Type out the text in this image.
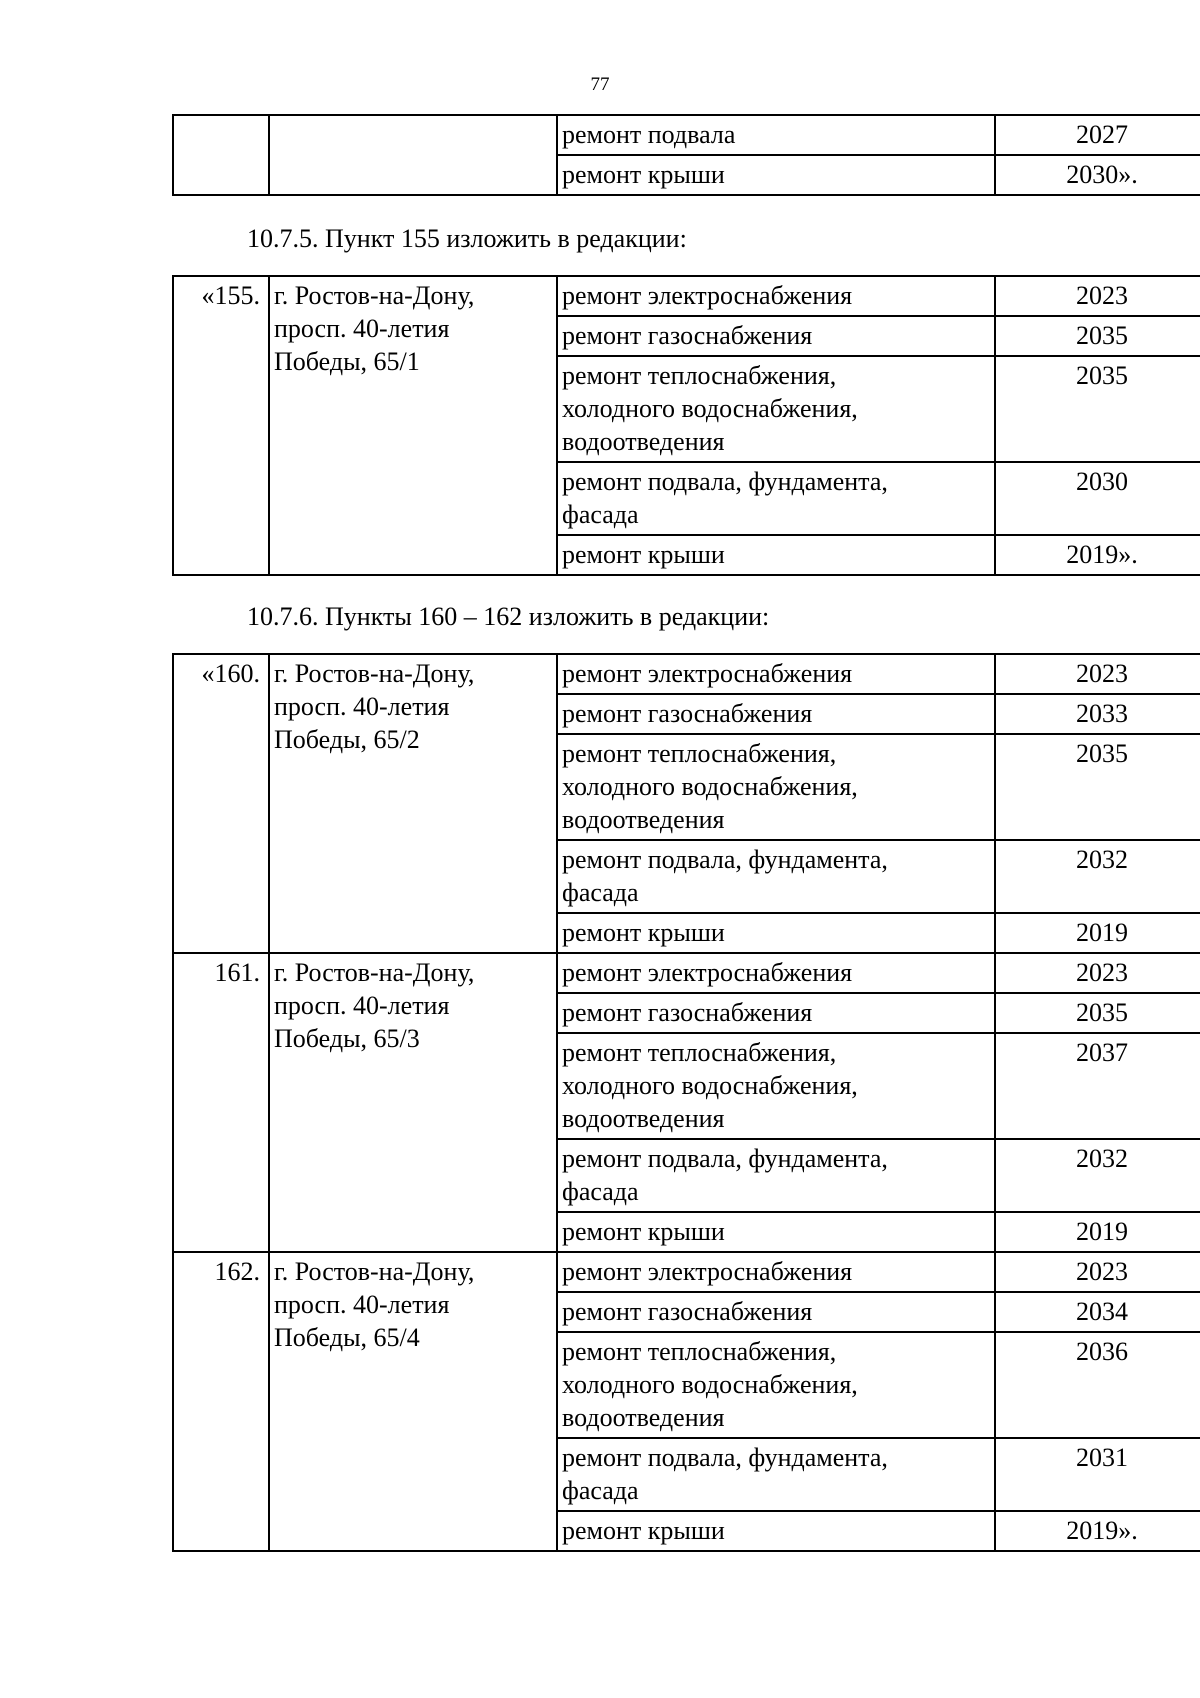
77
		ремонт подвала	2027
		ремонт крыши	2030».

10.7.5. Пункт 155 изложить в редакции:

«155.	г. Ростов-на-Дону,
просп. 40-летия
Победы, 65/1	ремонт электроснабжения	2023

		ремонт газоснабжения	2035

		ремонт теплоснабжения,
холодного водоснабжения,
водоотведения	2035

		ремонт подвала, фундамента,
фасада	2030

		ремонт крыши	2019».

10.7.6. Пункты 160 – 162 изложить в редакции:

«160.	г. Ростов-на-Дону,
просп. 40-летия
Победы, 65/2	ремонт электроснабжения	2023

		ремонт газоснабжения	2033

		ремонт теплоснабжения,
холодного водоснабжения,
водоотведения	2035

		ремонт подвала, фундамента,
фасада	2032

		ремонт крыши	2019
161.	г. Ростов-на-Дону,
просп. 40-летия
Победы, 65/3	ремонт электроснабжения	2023

		ремонт газоснабжения	2035

		ремонт теплоснабжения,
холодного водоснабжения,
водоотведения	2037

		ремонт подвала, фундамента,
фасада	2032

		ремонт крыши	2019
162.	г. Ростов-на-Дону,
просп. 40-летия
Победы, 65/4	ремонт электроснабжения	2023

		ремонт газоснабжения	2034

		ремонт теплоснабжения,
холодного водоснабжения,
водоотведения	2036

		ремонт подвала, фундамента,
фасада	2031

		ремонт крыши	2019».
